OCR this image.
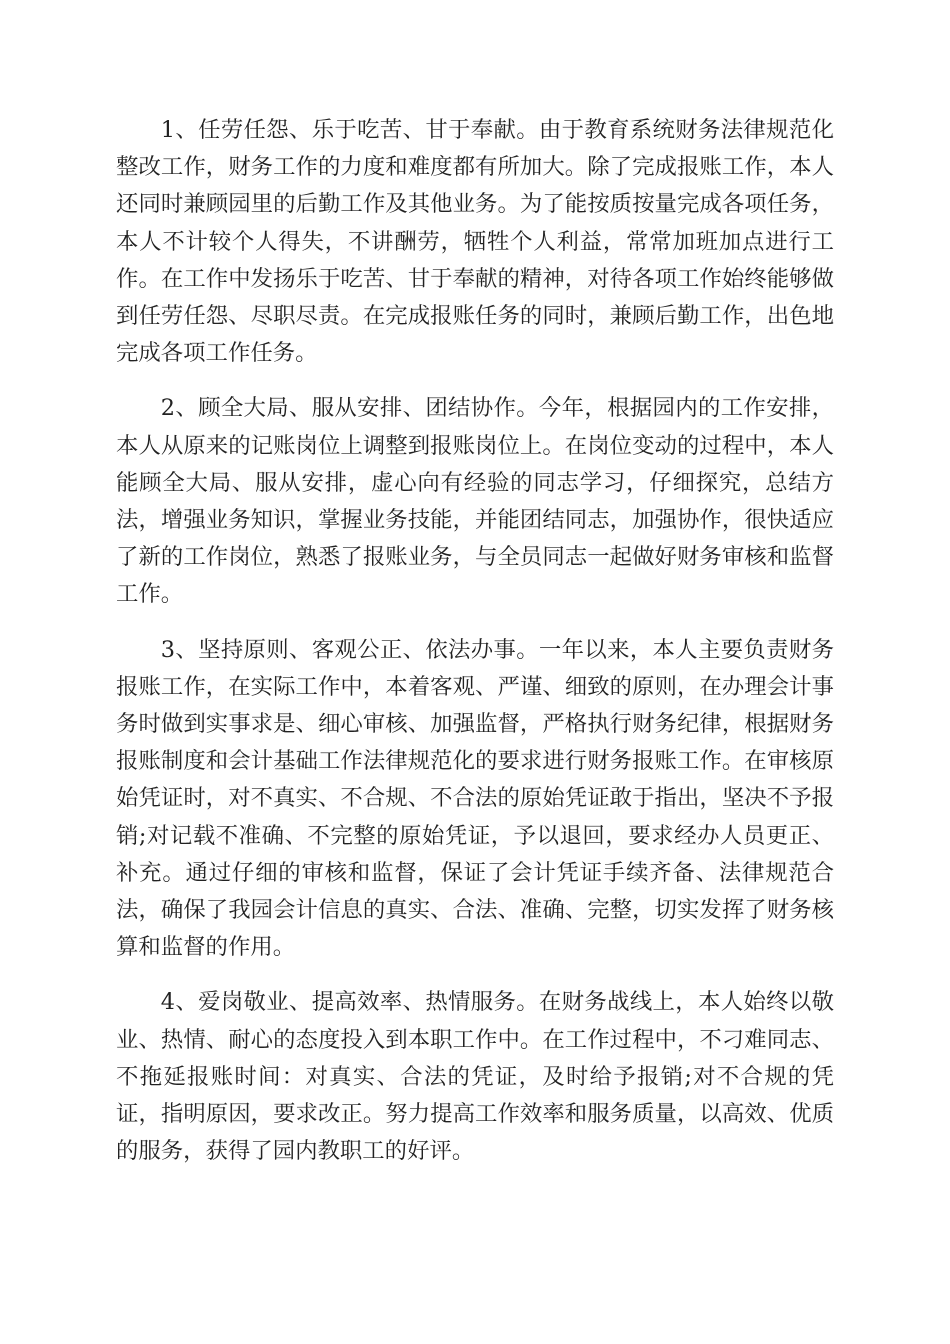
1、任劳任怨、乐于吃苦、甘于奉献。由于教育系统财务法律规范化整改工作，财务工作的力度和难度都有所加大。除了完成报账工作，本人还同时兼顾园里的后勤工作及其他业务。为了能按质按量完成各项任务，本人不计较个人得失，不讲酬劳，牺牲个人利益，常常加班加点进行工作。在工作中发扬乐于吃苦、甘于奉献的精神，对待各项工作始终能够做到任劳任怨、尽职尽责。在完成报账任务的同时，兼顾后勤工作，出色地完成各项工作任务。

2、顾全大局、服从安排、团结协作。今年，根据园内的工作安排，本人从原来的记账岗位上调整到报账岗位上。在岗位变动的过程中，本人能顾全大局、服从安排，虚心向有经验的同志学习，仔细探究，总结方法，增强业务知识，掌握业务技能，并能团结同志，加强协作，很快适应了新的工作岗位，熟悉了报账业务，与全员同志一起做好财务审核和监督工作。

3、坚持原则、客观公正、依法办事。一年以来，本人主要负责财务报账工作，在实际工作中，本着客观、严谨、细致的原则，在办理会计事务时做到实事求是、细心审核、加强监督，严格执行财务纪律，根据财务报账制度和会计基础工作法律规范化的要求进行财务报账工作。在审核原始凭证时，对不真实、不合规、不合法的原始凭证敢于指出，坚决不予报销;对记载不准确、不完整的原始凭证，予以退回，要求经办人员更正、补充。通过仔细的审核和监督，保证了会计凭证手续齐备、法律规范合法，确保了我园会计信息的真实、合法、准确、完整，切实发挥了财务核算和监督的作用。

4、爱岗敬业、提高效率、热情服务。在财务战线上，本人始终以敬业、热情、耐心的态度投入到本职工作中。在工作过程中，不刁难同志、不拖延报账时间：对真实、合法的凭证，及时给予报销;对不合规的凭证，指明原因，要求改正。努力提高工作效率和服务质量，以高效、优质的服务，获得了园内教职工的好评。
